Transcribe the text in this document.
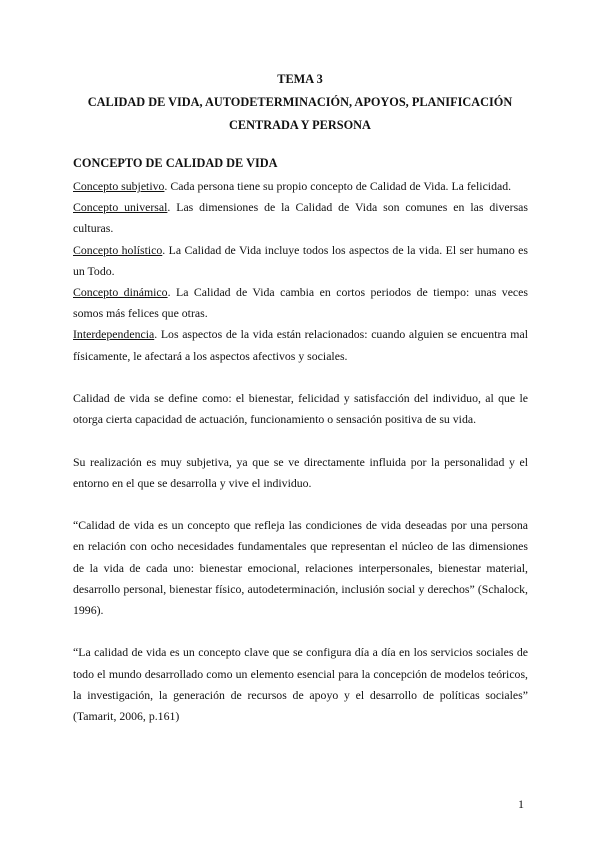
TEMA 3
CALIDAD DE VIDA, AUTODETERMINACIÓN, APOYOS, PLANIFICACIÓN
CENTRADA Y PERSONA
CONCEPTO DE CALIDAD DE VIDA

Concepto subjetivo. Cada persona tiene su propio concepto de Calidad de Vida. La felicidad.

Concepto universal. Las dimensiones de la Calidad de Vida son comunes en las diversas culturas.

Concepto holístico. La Calidad de Vida incluye todos los aspectos de la vida. El ser humano es un Todo.

Concepto dinámico. La Calidad de Vida cambia en cortos periodos de tiempo: unas veces somos más felices que otras.

Interdependencia. Los aspectos de la vida están relacionados: cuando alguien se encuentra mal físicamente, le afectará a los aspectos afectivos y sociales.

Calidad de vida se define como: el bienestar, felicidad y satisfacción del individuo, al que le otorga cierta capacidad de actuación, funcionamiento o sensación positiva de su vida.

Su realización es muy subjetiva, ya que se ve directamente influida por la personalidad y el entorno en el que se desarrolla y vive el individuo.

“Calidad de vida es un concepto que refleja las condiciones de vida deseadas por una persona en relación con ocho necesidades fundamentales que representan el núcleo de las dimensiones de la vida de cada uno: bienestar emocional, relaciones interpersonales, bienestar material, desarrollo personal, bienestar físico, autodeterminación, inclusión social y derechos” (Schalock, 1996).

“La calidad de vida es un concepto clave que se configura día a día en los servicios sociales de todo el mundo desarrollado como un elemento esencial para la concepción de modelos teóricos, la investigación, la generación de recursos de apoyo y el desarrollo de políticas sociales” (Tamarit, 2006, p.161)

1
